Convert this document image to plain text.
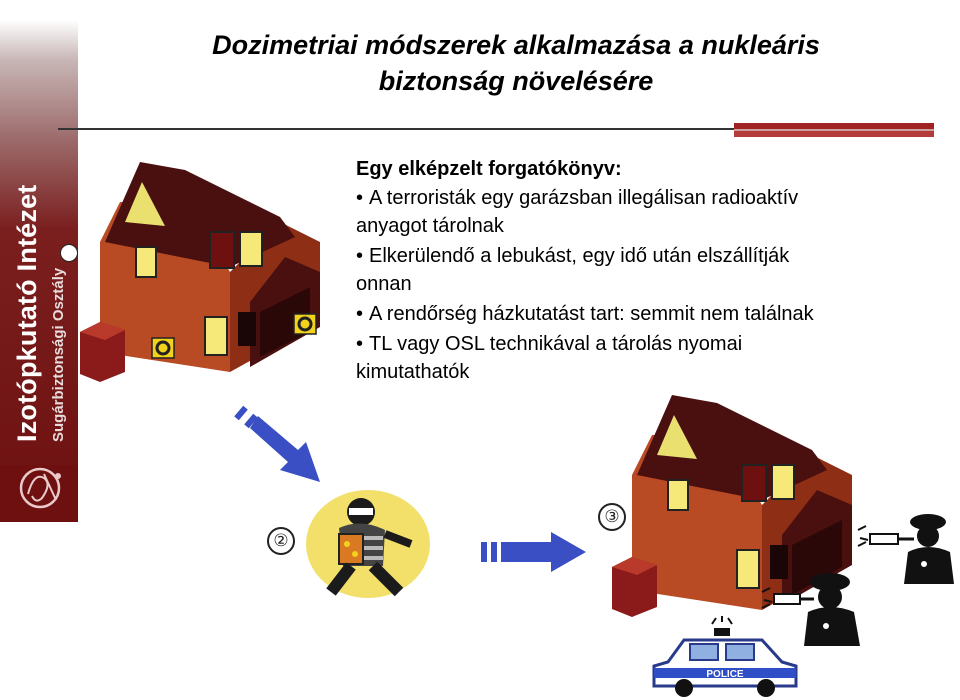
Izotópkutató Intézet Sugárbiztonsági Osztály
Dozimetriai módszerek alkalmazása a nukleáris
biztonság növelésére
Egy elképzelt forgatókönyv:
• A terroristák egy garázsban illegálisan radioaktív
anyagot tárolnak
• Elkerülendő a lebukást, egy idő után elszállítják
onnan
• A rendőrség házkutatást tart: semmit nem találnak
• TL vagy OSL technikával a tárolás nyomai
kimutathatók
②
③
POLICE
